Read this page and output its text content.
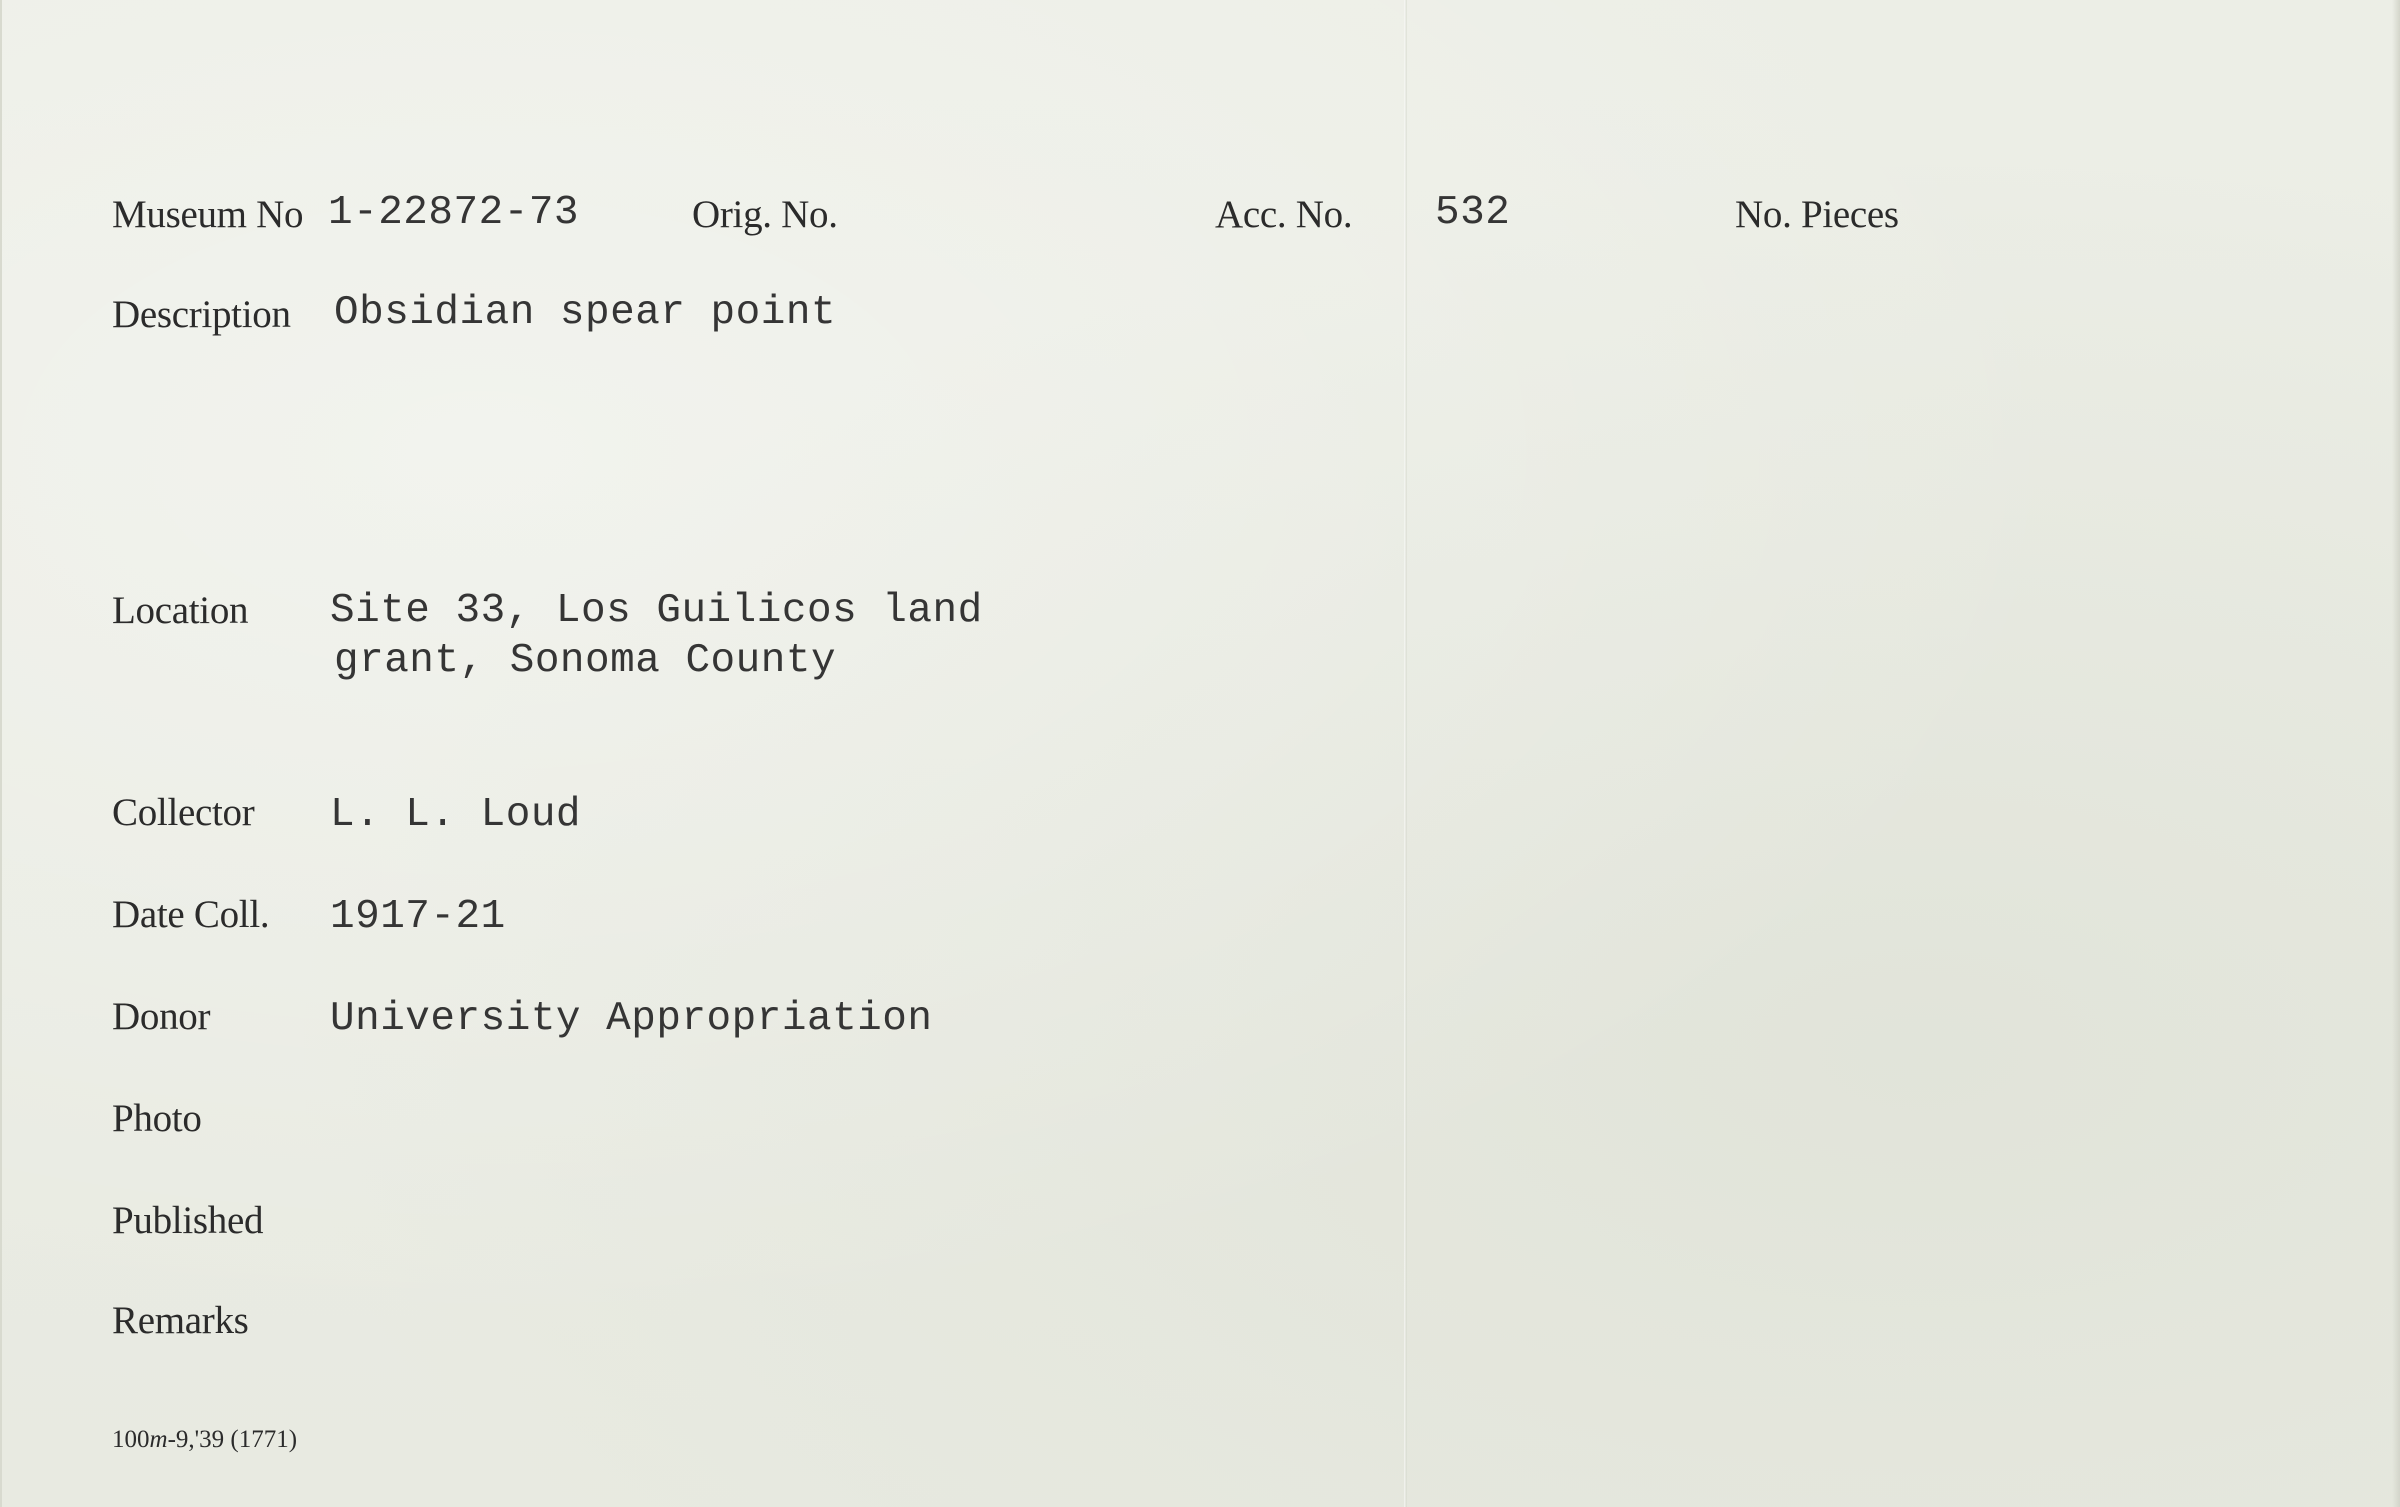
Museum No 1-22872-73	Orig. No.	Acc. No. 532	No. Pieces
Description Obsidian spear point
Location Site 33, Los Guilicos land
grant, Sonoma County
Collector L. L. Loud
Date Coll. 1917-21
Donor	University Appropriation
Photo
Published
Remarks
100m-9,'39 (1771)
